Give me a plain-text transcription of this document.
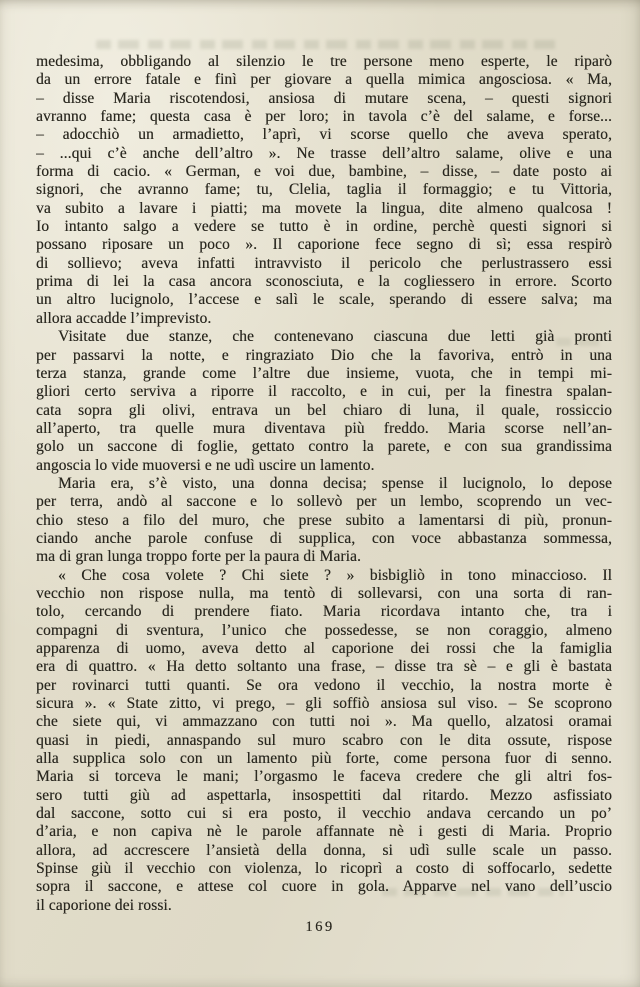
medesima, obbligando al silenzio le tre persone meno esperte, le riparò
da un errore fatale e finì per giovare a quella mimica angosciosa. « Ma,
– disse Maria riscotendosi, ansiosa di mutare scena, – questi signori
avranno fame; questa casa è per loro; in tavola c’è del salame, e forse...
– adocchiò un armadietto, l’aprì, vi scorse quello che aveva sperato,
– ...qui c’è anche dell’altro ». Ne trasse dell’altro salame, olive e una
forma di cacio. « German, e voi due, bambine, – disse, – date posto ai
signori, che avranno fame; tu, Clelia, taglia il formaggio; e tu Vittoria,
va subito a lavare i piatti; ma movete la lingua, dite almeno qualcosa !
Io intanto salgo a vedere se tutto è in ordine, perchè questi signori si
possano riposare un poco ». Il caporione fece segno di sì; essa respirò
di sollievo; aveva infatti intravvisto il pericolo che perlustrassero essi
prima di lei la casa ancora sconosciuta, e la cogliessero in errore. Scorto
un altro lucignolo, l’accese e salì le scale, sperando di essere salva; ma
allora accadde l’imprevisto.
Visitate due stanze, che contenevano ciascuna due letti già pronti
per passarvi la notte, e ringraziato Dio che la favoriva, entrò in una
terza stanza, grande come l’altre due insieme, vuota, che in tempi mi-
gliori certo serviva a riporre il raccolto, e in cui, per la finestra spalan-
cata sopra gli olivi, entrava un bel chiaro di luna, il quale, rossiccio
all’aperto, tra quelle mura diventava più freddo. Maria scorse nell’an-
golo un saccone di foglie, gettato contro la parete, e con sua grandissima
angoscia lo vide muoversi e ne udì uscire un lamento.
Maria era, s’è visto, una donna decisa; spense il lucignolo, lo depose
per terra, andò al saccone e lo sollevò per un lembo, scoprendo un vec-
chio steso a filo del muro, che prese subito a lamentarsi di più, pronun-
ciando anche parole confuse di supplica, con voce abbastanza sommessa,
ma di gran lunga troppo forte per la paura di Maria.
« Che cosa volete ? Chi siete ? » bisbigliò in tono minaccioso. Il
vecchio non rispose nulla, ma tentò di sollevarsi, con una sorta di ran-
tolo, cercando di prendere fiato. Maria ricordava intanto che, tra i
compagni di sventura, l’unico che possedesse, se non coraggio, almeno
apparenza di uomo, aveva detto al caporione dei rossi che la famiglia
era di quattro. « Ha detto soltanto una frase, – disse tra sè – e gli è bastata
per rovinarci tutti quanti. Se ora vedono il vecchio, la nostra morte è
sicura ». « State zitto, vi prego, – gli soffiò ansiosa sul viso. – Se scoprono
che siete qui, vi ammazzano con tutti noi ». Ma quello, alzatosi oramai
quasi in piedi, annaspando sul muro scabro con le dita ossute, rispose
alla supplica solo con un lamento più forte, come persona fuor di senno.
Maria si torceva le mani; l’orgasmo le faceva credere che gli altri fos-
sero tutti giù ad aspettarla, insospettiti dal ritardo. Mezzo asfissiato
dal saccone, sotto cui si era posto, il vecchio andava cercando un po’
d’aria, e non capiva nè le parole affannate nè i gesti di Maria. Proprio
allora, ad accrescere l’ansietà della donna, si udì sulle scale un passo.
Spinse giù il vecchio con violenza, lo ricoprì a costo di soffocarlo, sedette
sopra il saccone, e attese col cuore in gola. Apparve nel vano dell’uscio
il caporione dei rossi.
169
